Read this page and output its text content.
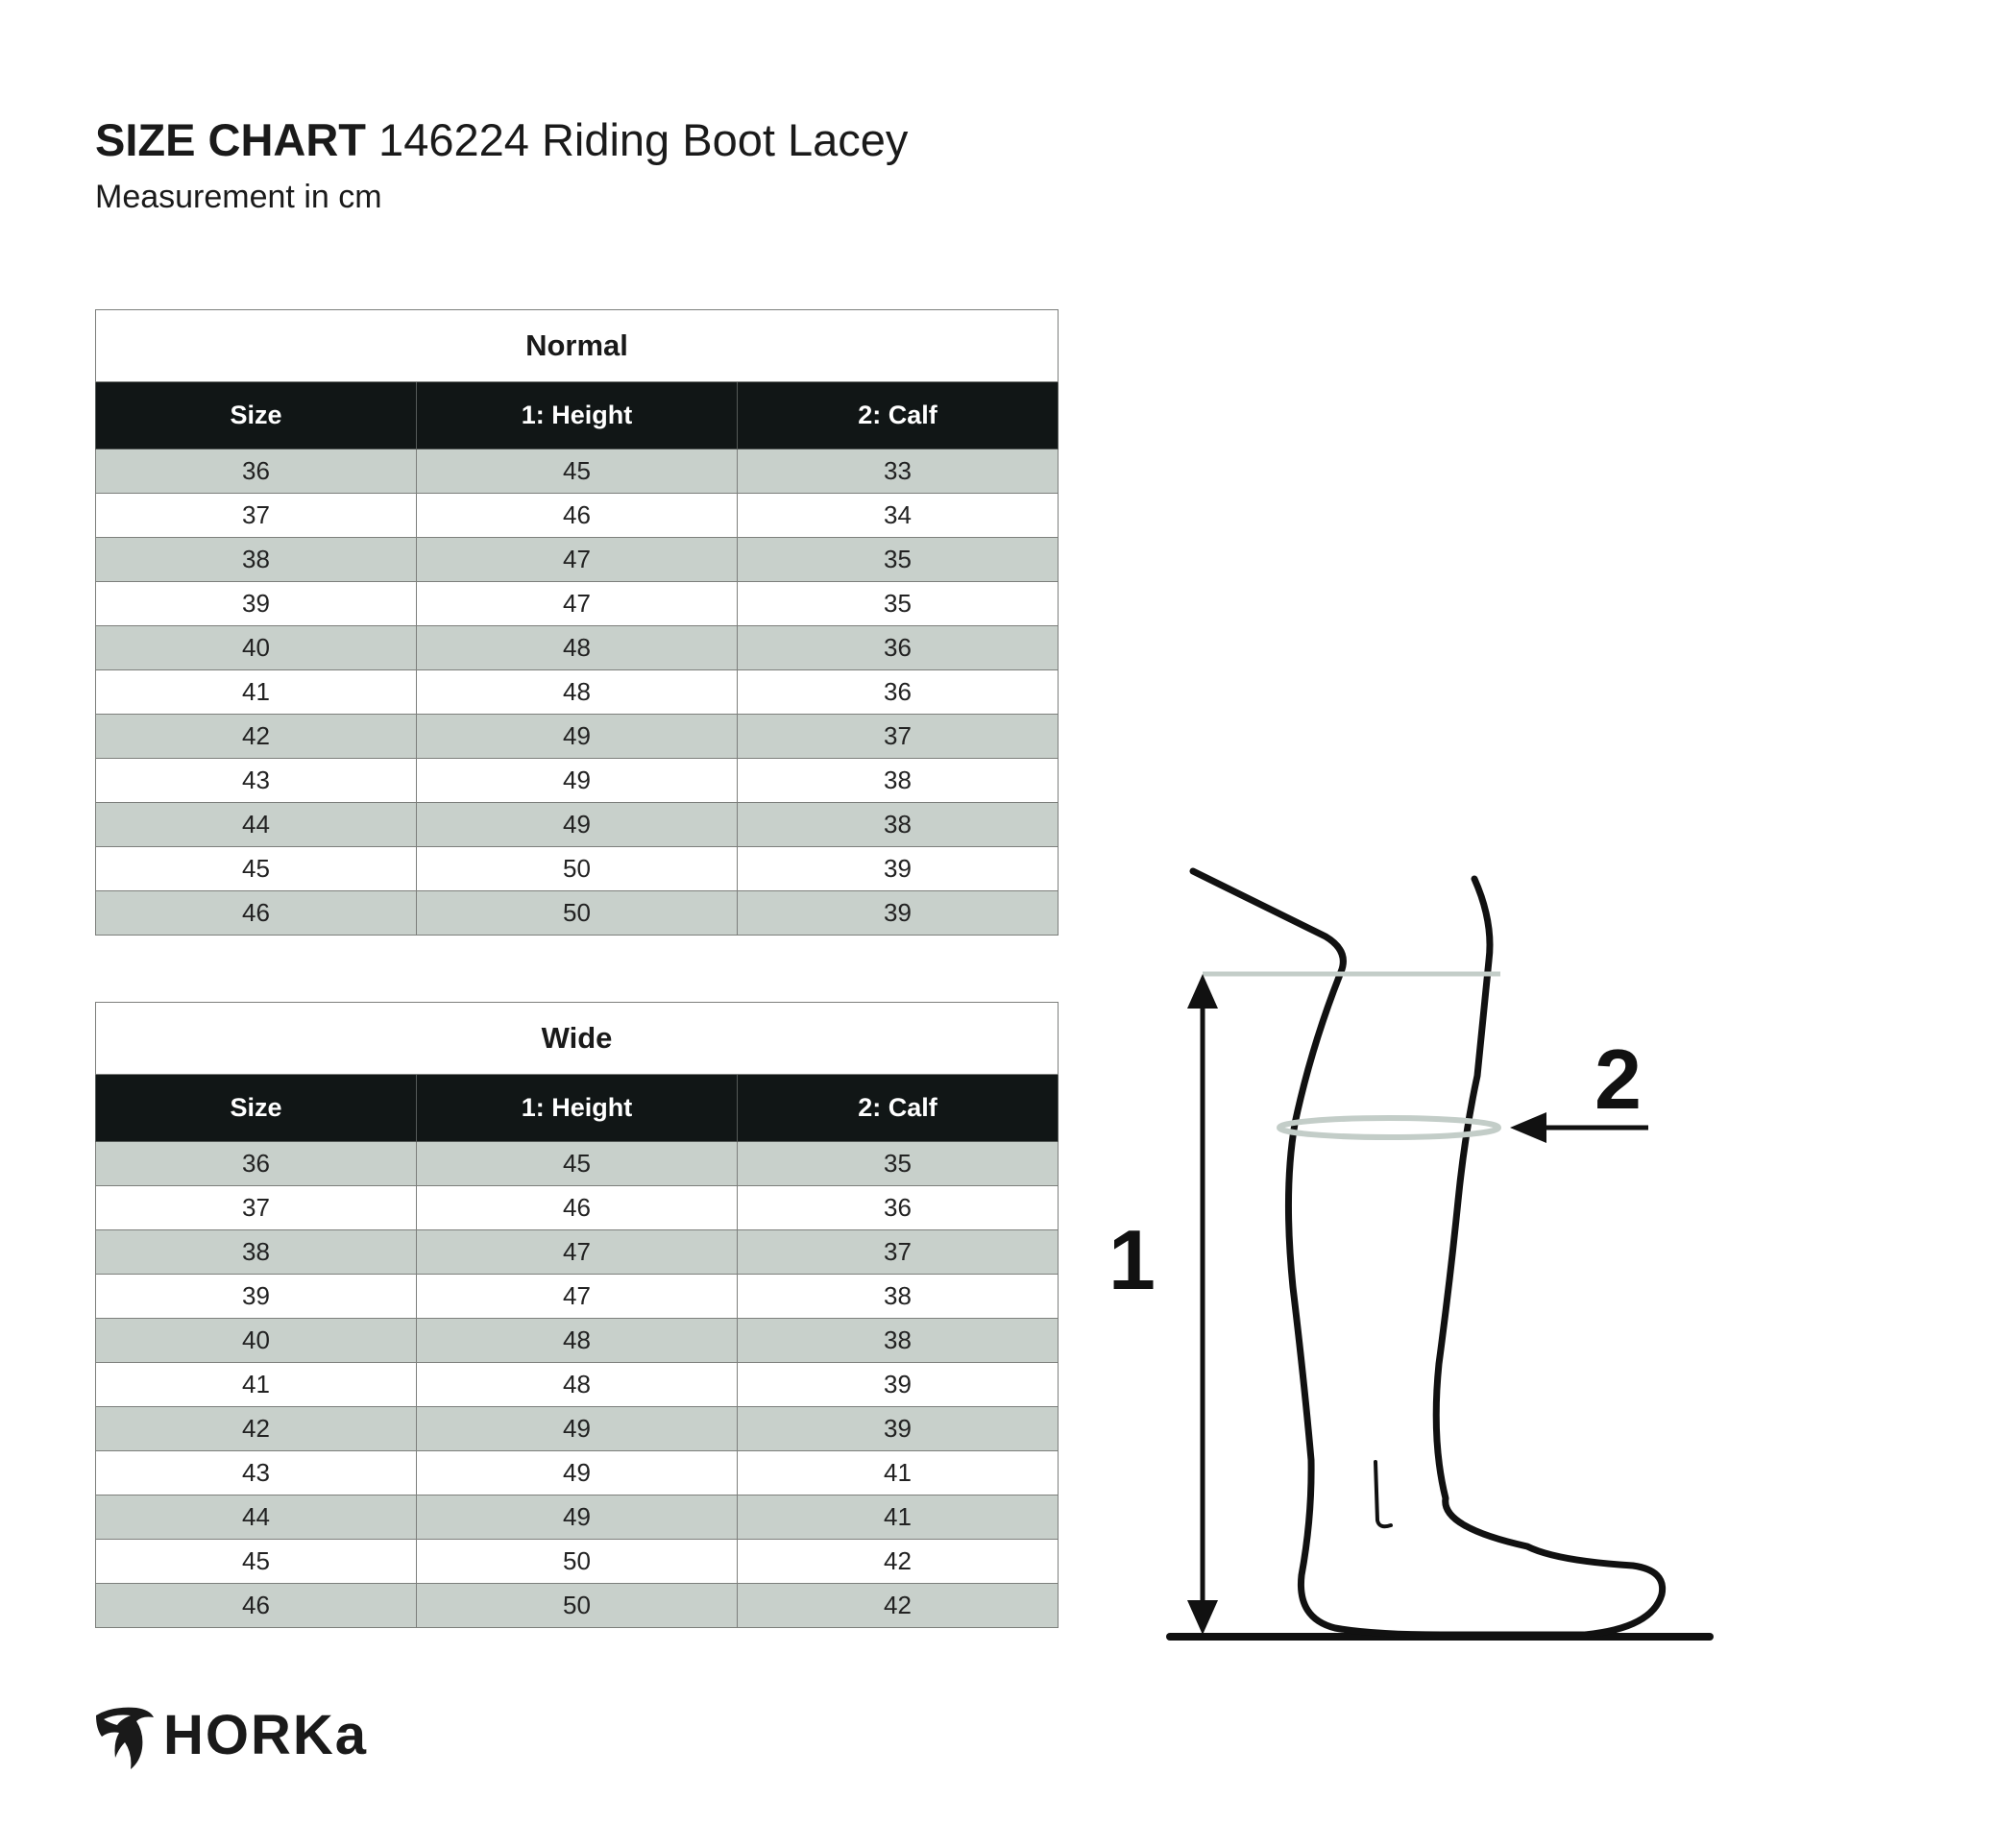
SIZE CHART 146224 Riding Boot Lacey
Measurement in cm
Normal		
Size	1: Height	2: Calf
36	45	33
37	46	34
38	47	35
39	47	35
40	48	36
41	48	36
42	49	37
43	49	38
44	49	38
45	50	39
46	50	39
Wide		
Size	1: Height	2: Calf
36	45	35
37	46	36
38	47	37
39	47	38
40	48	38
41	48	39
42	49	39
43	49	41
44	49	41
45	50	42
46	50	42
1
2
HORKa
